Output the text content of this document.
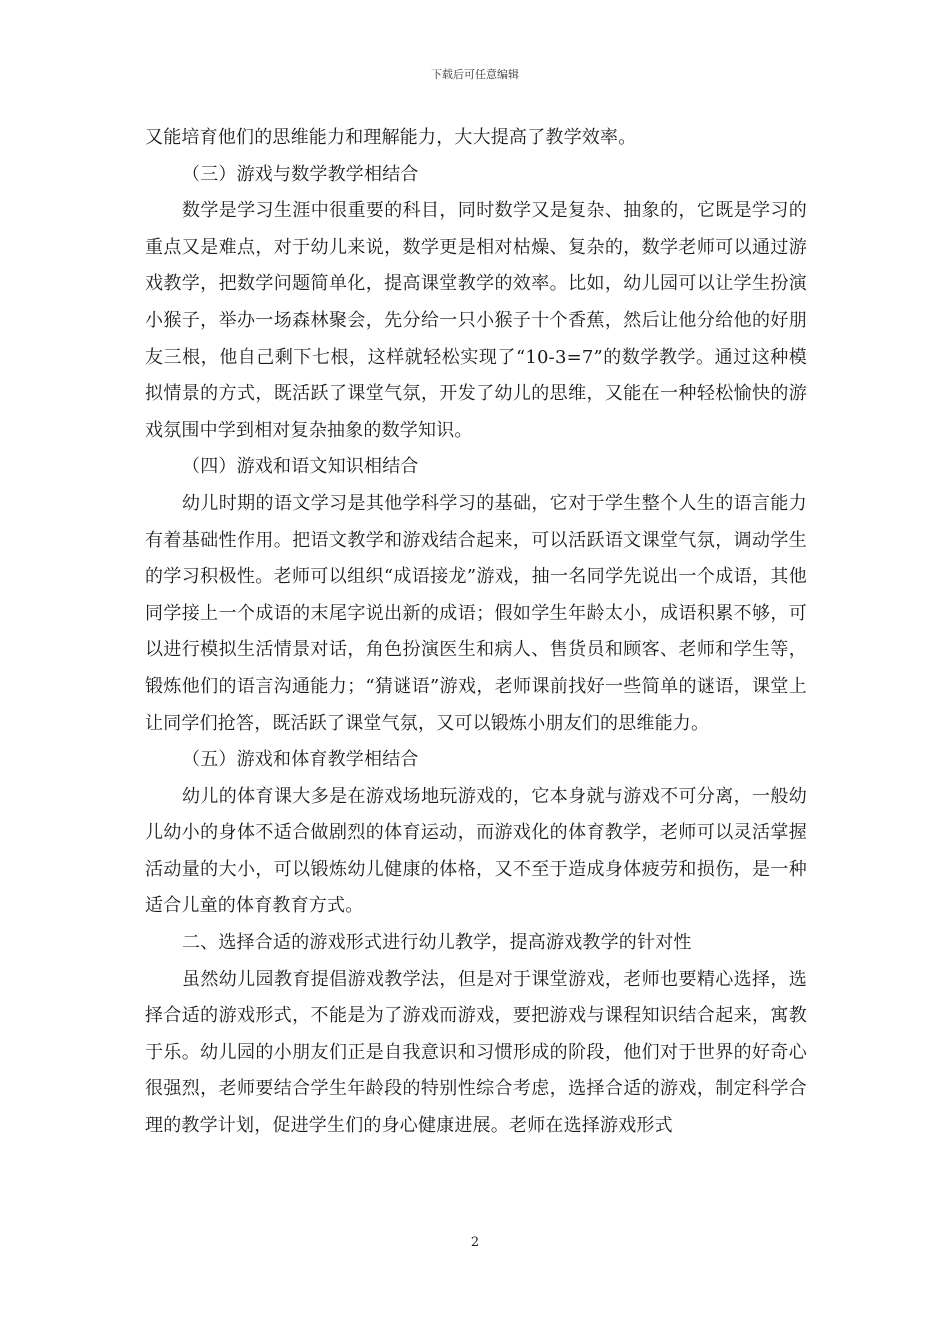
下载后可任意编辑

又能培育他们的思维能力和理解能力，大大提高了教学效率。

（三）游戏与数学教学相结合

数学是学习生涯中很重要的科目，同时数学又是复杂、抽象的，它既是学习的重点又是难点，对于幼儿来说，数学更是相对枯燥、复杂的，数学老师可以通过游戏教学，把数学问题简单化，提高课堂教学的效率。比如，幼儿园可以让学生扮演小猴子，举办一场森林聚会，先分给一只小猴子十个香蕉，然后让他分给他的好朋友三根，他自己剩下七根，这样就轻松实现了“10-3=7”的数学教学。通过这种模拟情景的方式，既活跃了课堂气氛，开发了幼儿的思维，又能在一种轻松愉快的游戏氛围中学到相对复杂抽象的数学知识。

（四）游戏和语文知识相结合

幼儿时期的语文学习是其他学科学习的基础，它对于学生整个人生的语言能力有着基础性作用。把语文教学和游戏结合起来，可以活跃语文课堂气氛，调动学生的学习积极性。老师可以组织“成语接龙”游戏，抽一名同学先说出一个成语，其他同学接上一个成语的末尾字说出新的成语；假如学生年龄太小，成语积累不够，可以进行模拟生活情景对话，角色扮演医生和病人、售货员和顾客、老师和学生等，锻炼他们的语言沟通能力；“猜谜语”游戏，老师课前找好一些简单的谜语，课堂上让同学们抢答，既活跃了课堂气氛，又可以锻炼小朋友们的思维能力。

（五）游戏和体育教学相结合

幼儿的体育课大多是在游戏场地玩游戏的，它本身就与游戏不可分离，一般幼儿幼小的身体不适合做剧烈的体育运动，而游戏化的体育教学，老师可以灵活掌握活动量的大小，可以锻炼幼儿健康的体格，又不至于造成身体疲劳和损伤，是一种适合儿童的体育教育方式。

二、选择合适的游戏形式进行幼儿教学，提高游戏教学的针对性

虽然幼儿园教育提倡游戏教学法，但是对于课堂游戏，老师也要精心选择，选择合适的游戏形式，不能是为了游戏而游戏，要把游戏与课程知识结合起来，寓教于乐。幼儿园的小朋友们正是自我意识和习惯形成的阶段，他们对于世界的好奇心很强烈，老师要结合学生年龄段的特别性综合考虑，选择合适的游戏，制定科学合理的教学计划，促进学生们的身心健康进展。老师在选择游戏形式

2
